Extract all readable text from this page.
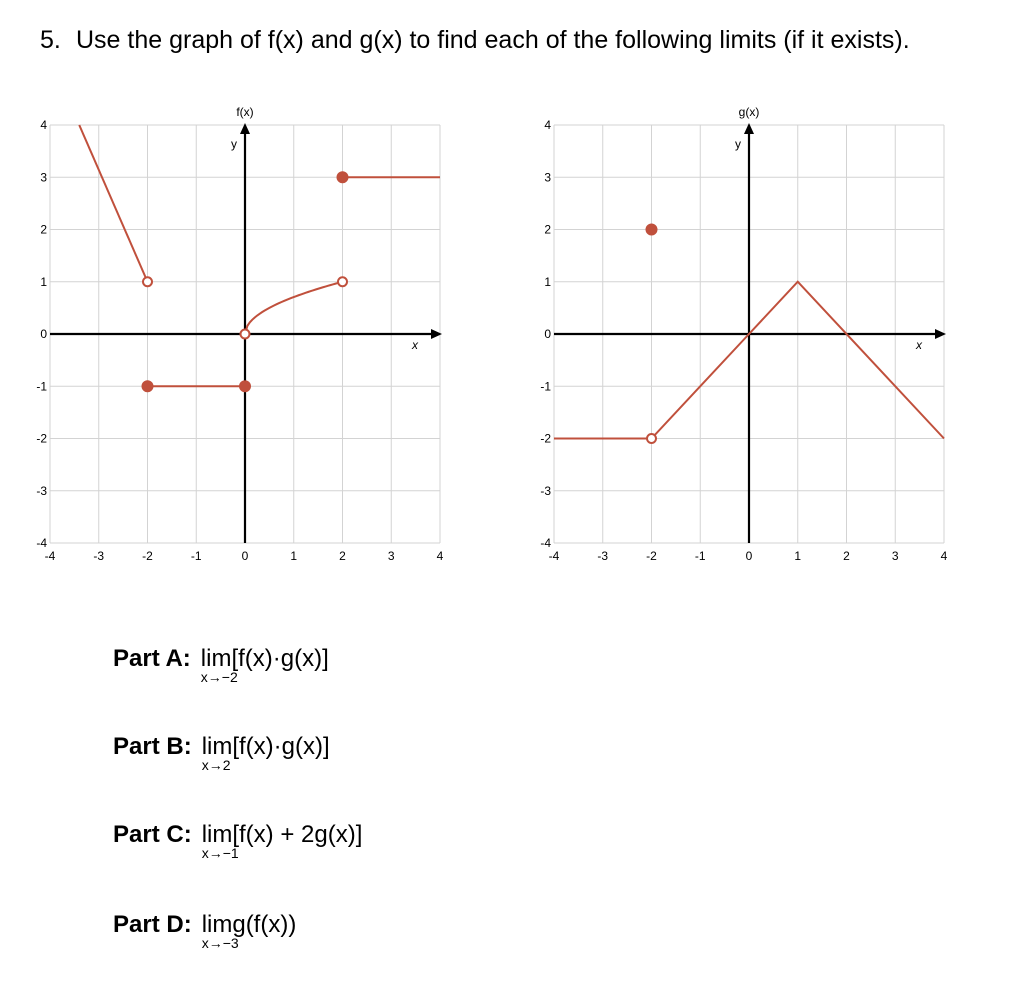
5. Use the graph of f(x) and g(x) to find each of the following limits (if it exists).
x
y
f(x)
-4	-3	-2	-1	0	1	2	3	4
4
3
2
1
0
-1
-2
-3
-4
x
y
g(x)
-4	-3	-2	-1	0	1	2	3	4
4
3
2
1
0
-1
-2
-3
-4
Part A: lim
x→−2
[f(x)·g(x)]
Part B: lim
x→2
[f(x)·g(x)]
Part C: lim
x→−1
[f(x) + 2g(x)]
Part D: lim
x→−3
g(f(x))
